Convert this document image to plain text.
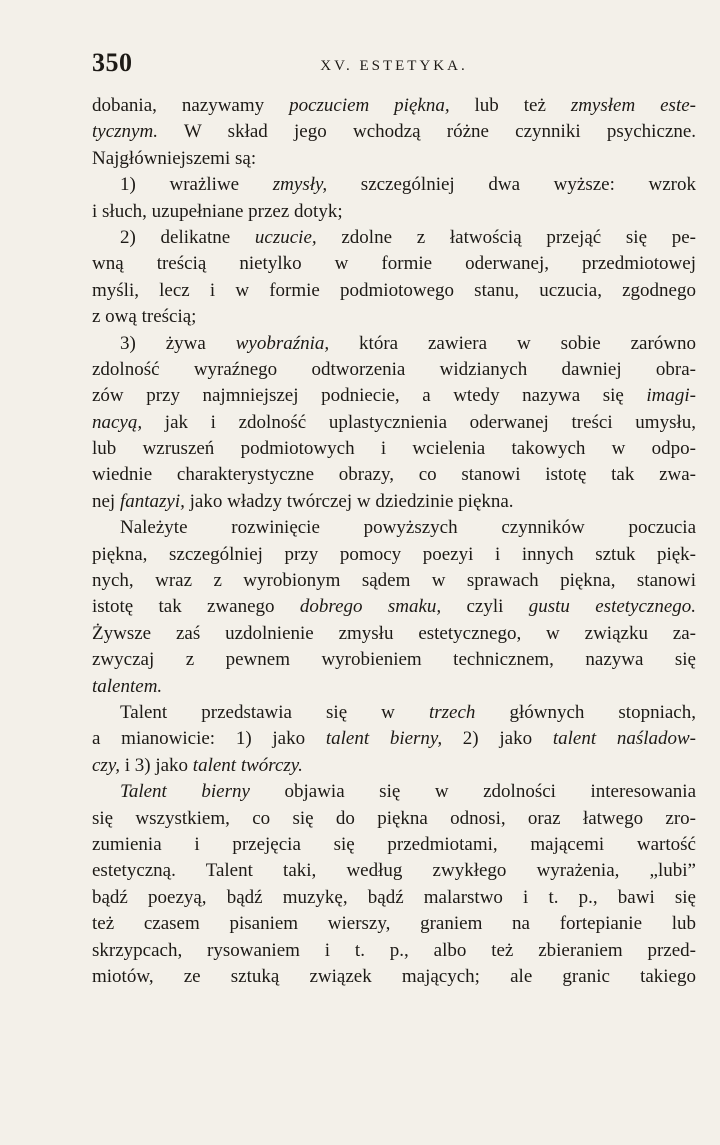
350	XV. ESTETYKA.
dobania, nazywamy poczuciem piękna, lub też zmysłem este-
tycznym. W skład jego wchodzą różne czynniki psychiczne.
Najgłówniejszemi są:
1) wrażliwe zmysły, szczególniej dwa wyższe: wzrok
i słuch, uzupełniane przez dotyk;
2) delikatne uczucie, zdolne z łatwością przejąć się pe-
wną treścią nietylko w formie oderwanej, przedmiotowej
myśli, lecz i w formie podmiotowego stanu, uczucia, zgodnego
z ową treścią;
3) żywa wyobraźnia, która zawiera w sobie zarówno
zdolność wyraźnego odtworzenia widzianych dawniej obra-
zów przy najmniejszej podniecie, a wtedy nazywa się imagi-
nacyą, jak i zdolność uplastycznienia oderwanej treści umysłu,
lub wzruszeń podmiotowych i wcielenia takowych w odpo-
wiednie charakterystyczne obrazy, co stanowi istotę tak zwa-
nej fantazyi, jako władzy twórczej w dziedzinie piękna.
Należyte rozwinięcie powyższych czynników poczucia
piękna, szczególniej przy pomocy poezyi i innych sztuk pięk-
nych, wraz z wyrobionym sądem w sprawach piękna, stanowi
istotę tak zwanego dobrego smaku, czyli gustu estetycznego.
Żywsze zaś uzdolnienie zmysłu estetycznego, w związku za-
zwyczaj z pewnem wyrobieniem technicznem, nazywa się
talentem.
Talent przedstawia się w trzech głównych stopniach,
a mianowicie: 1) jako talent bierny, 2) jako talent naśladow-
czy, i 3) jako talent twórczy.
Talent bierny objawia się w zdolności interesowania
się wszystkiem, co się do piękna odnosi, oraz łatwego zro-
zumienia i przejęcia się przedmiotami, mającemi wartość
estetyczną. Talent taki, według zwykłego wyrażenia, „lubi”
bądź poezyą, bądź muzykę, bądź malarstwo i t. p., bawi się
też czasem pisaniem wierszy, graniem na fortepianie lub
skrzypcach, rysowaniem i t. p., albo też zbieraniem przed-
miotów, ze sztuką związek mających; ale granic takiego
